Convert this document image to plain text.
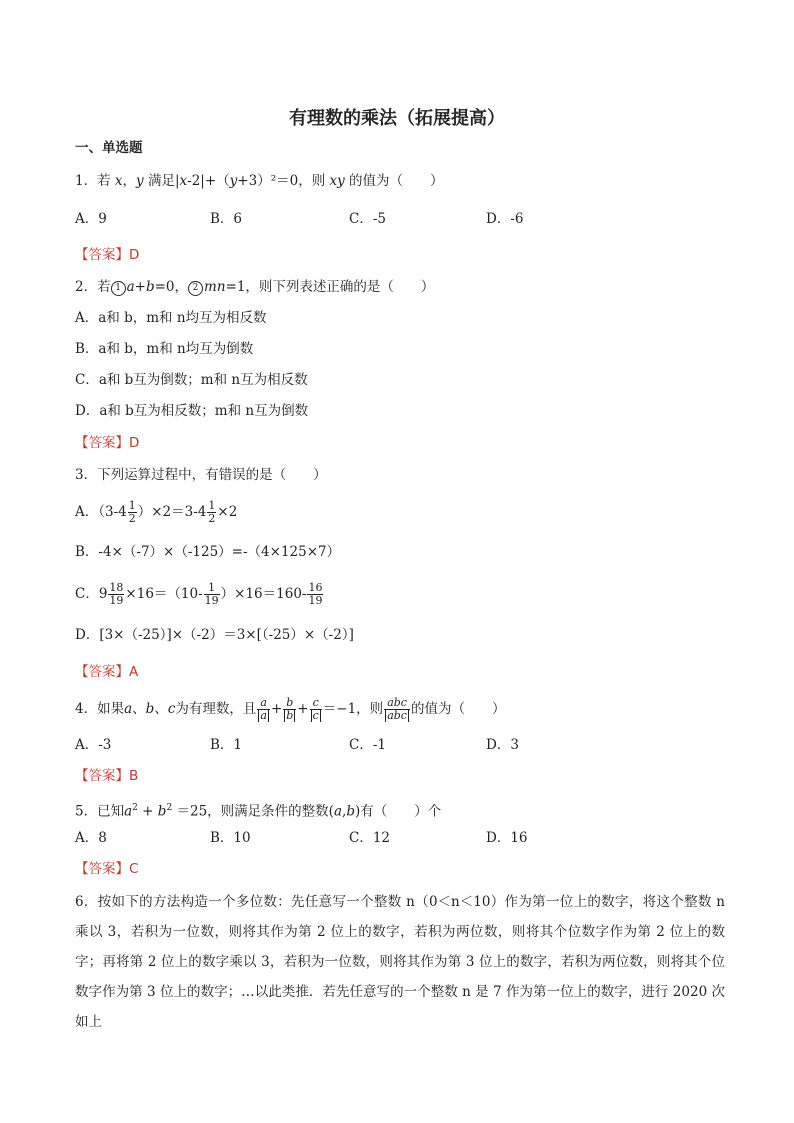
有理数的乘法（拓展提高）
一、单选题
1．若 x，y 满足|x-2|+（y+3）²＝0，则 xy 的值为（　　）
A．9	B．6	C．-5	D．-6
【答案】D
2．若 1 a+b=0， 2 mn=1，则下列表述正确的是（　　）
A．a和 b，m和 n均互为相反数
B．a和 b，m和 n均互为倒数
C．a和 b互为倒数；m和 n互为相反数
D．a和 b互为相反数；m和 n互为倒数
【答案】D
3．下列运算过程中，有错误的是（　　）
A．$(3-4 \frac{1}{2} )\times 2=3-4 \frac{1}{2} \times 2$
B．-4×（-7）×（-125）=-（4×125×7）
C．$9 \frac{18}{19} \times 16=(10- \frac{1}{19} )\times 16=160- \frac{16}{19}$
D．[3×（-25）]×（-2）＝3×[（-25）×（-2）]
【答案】A
4．如果a、b、c为有理数，且 $\frac{a}{a} + \frac{b}{b} + \frac{c}{c} =-1$，则 $\frac{\text{abc}}{\text{abc}}$ 的值为（　　）
A．-3	B．1	C．-1	D．3
【答案】B
5．已知$a^2 + b^2 =25$，则满足条件的整数(a,b)有（　　）个
A．8	B．10	C．12	D．16
【答案】C
6．按如下的方法构造一个多位数：先任意写一个整数 n（0＜n＜10）作为第一位上的数字，将这个整数 n 乘以 3，若积为一位数，则将其作为第 2 位上的数字，若积为两位数，则将其个位数字作为第 2 位上的数字；再将第 2 位上的数字乘以 3，若积为一位数，则将其作为第 3 位上的数字，若积为两位数，则将其个位数字作为第 3 位上的数字；…以此类推．若先任意写的一个整数 n 是 7 作为第一位上的数字，进行 2020 次如上
